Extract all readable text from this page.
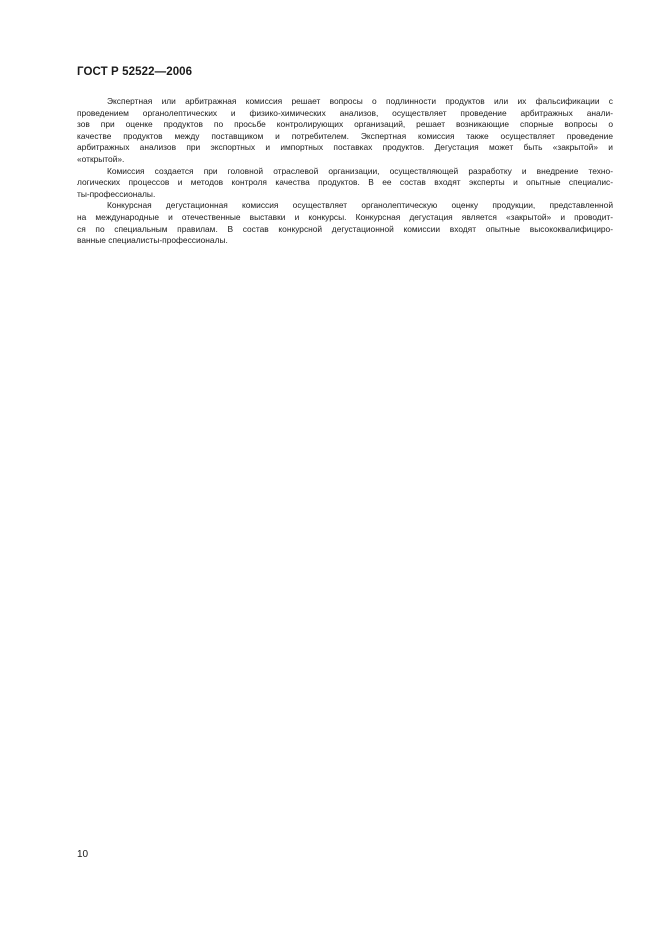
ГОСТ Р 52522—2006
Экспертная или арбитражная комиссия решает вопросы о подлинности продуктов или их фальсификации с
проведением органолептических и физико-химических анализов, осуществляет проведение арбитражных анали-
зов при оценке продуктов по просьбе контролирующих организаций, решает возникающие спорные вопросы о
качестве продуктов между поставщиком и потребителем. Экспертная комиссия также осуществляет проведение
арбитражных анализов при экспортных и импортных поставках продуктов. Дегустация может быть «закрытой» и
«открытой».
Комиссия создается при головной отраслевой организации, осуществляющей разработку и внедрение техно-
логических процессов и методов контроля качества продуктов. В ее состав входят эксперты и опытные специалис-
ты-профессионалы.
Конкурсная дегустационная комиссия осуществляет органолептическую оценку продукции, представленной
на международные и отечественные выставки и конкурсы. Конкурсная дегустация является «закрытой» и проводит-
ся по специальным правилам. В состав конкурсной дегустационной комиссии входят опытные высококвалифициро-
ванные специалисты-профессионалы.
10
